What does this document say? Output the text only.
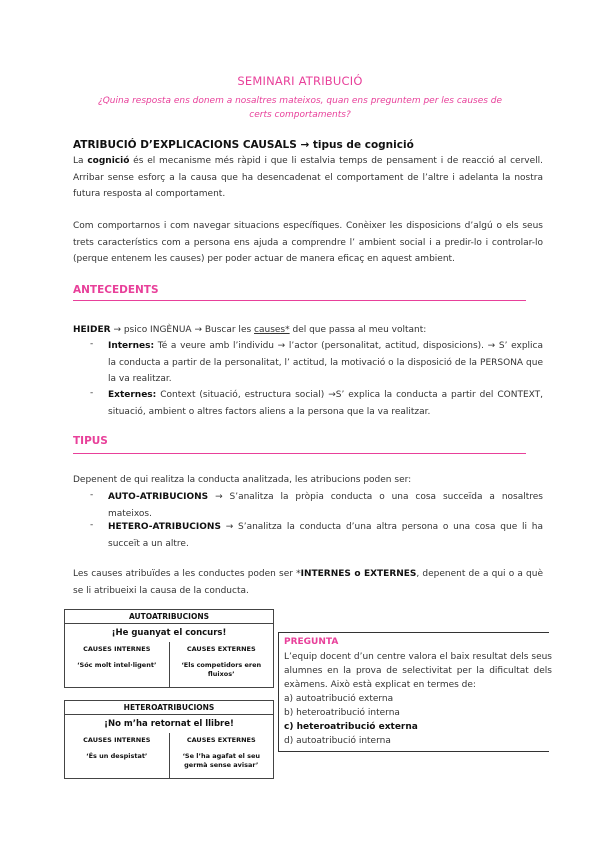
SEMINARI ATRIBUCIÓ
¿Quina resposta ens donem a nosaltres mateixos, quan ens preguntem per les causes de certs comportaments?
ATRIBUCIÓ D’EXPLICACIONS CAUSALS → tipus de cognició
La cognició és el mecanisme més ràpid i que li estalvia temps de pensament i de reacció al cervell. Arribar sense esforç a la causa que ha desencadenat el comportament de l’altre i adelanta la nostra futura resposta al comportament.
Com comportarnos i com navegar situacions específiques. Conèixer les disposicions d’algú o els seus trets característics com a persona ens ajuda a comprendre l’ ambient social i a predir-lo i controlar-lo (perque entenem les causes) per poder actuar de manera eficaç en aquest ambient.
ANTECEDENTS
HEIDER → psico INGÈNUA → Buscar les causes* del que passa al meu voltant:
- Internes: Té a veure amb l’individu → l’actor (personalitat, actitud, disposicions). → S’ explica la conducta a partir de la personalitat, l’ actitud, la motivació o la disposició de la PERSONA que la va realitzar.
- Externes: Context (situació, estructura social) →S’ explica la conducta a partir del CONTEXT, situació, ambient o altres factors aliens a la persona que la va realitzar.
TIPUS
Depenent de qui realitza la conducta analitzada, les atribucions poden ser:
- AUTO-ATRIBUCIONS → S’analitza la pròpia conducta o una cosa succeïda a nosaltres mateixos.
- HETERO-ATRIBUCIONS → S’analitza la conducta d’una altra persona o una cosa que li ha succeït a un altre.
Les causes atribuïdes a les conductes poden ser *INTERNES o EXTERNES, depenent de a qui o a què se li atribueixi la causa de la conducta.
AUTOATRIBUCIONS
¡He guanyat el concurs!
CAUSES INTERNES
‘Sóc molt intel·ligent’
CAUSES EXTERNES
‘Els competidors eren fluixos’
HETEROATRIBUCIONS
¡No m’ha retornat el llibre!
CAUSES INTERNES
‘És un despistat’
CAUSES EXTERNES
‘Se l’ha agafat el seu germà sense avisar’
PREGUNTA
L’equip docent d’un centre valora el baix resultat dels seus alumnes en la prova de selectivitat per la dificultat dels exàmens. Això està explicat en termes de:
a) autoatribució externa
b) heteroatribució interna
c) heteroatribució externa
d) autoatribució interna
